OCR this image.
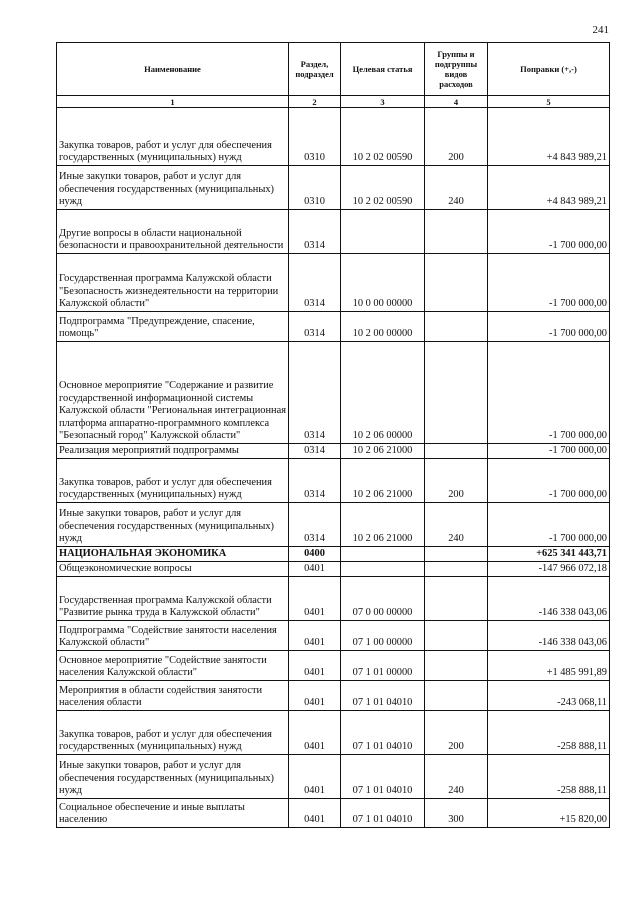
241
Наименование	Раздел, подраздел	Целевая статья	Группы и подгруппы видов расходов	Поправки (+,-)
1	2	3	4	5
Закупка товаров, работ и услуг для обеспечения государственных (муниципальных) нужд	0310	10 2 02 00590	200	+4 843 989,21
Иные закупки товаров, работ и услуг для обеспечения государственных (муниципальных) нужд	0310	10 2 02 00590	240	+4 843 989,21
Другие вопросы в области национальной безопасности и правоохранительной деятельности	0314			-1 700 000,00
Государственная программа Калужской области "Безопасность жизнедеятельности на территории Калужской области"	0314	10 0 00 00000		-1 700 000,00
Подпрограмма "Предупреждение, спасение, помощь"	0314	10 2 00 00000		-1 700 000,00
Основное мероприятие "Содержание и развитие государственной информационной системы Калужской области "Региональная интеграционная платформа аппаратно-программного комплекса "Безопасный город" Калужской области"	0314	10 2 06 00000		-1 700 000,00
Реализация мероприятий подпрограммы	0314	10 2 06 21000		-1 700 000,00
Закупка товаров, работ и услуг для обеспечения государственных (муниципальных) нужд	0314	10 2 06 21000	200	-1 700 000,00
Иные закупки товаров, работ и услуг для обеспечения государственных (муниципальных) нужд	0314	10 2 06 21000	240	-1 700 000,00
НАЦИОНАЛЬНАЯ ЭКОНОМИКА	0400			+625 341 443,71
Общеэкономические вопросы	0401			-147 966 072,18
Государственная программа Калужской области "Развитие рынка труда в Калужской области"	0401	07 0 00 00000		-146 338 043,06
Подпрограмма "Содействие занятости населения Калужской области"	0401	07 1 00 00000		-146 338 043,06
Основное мероприятие "Содействие занятости населения Калужской области"	0401	07 1 01 00000		+1 485 991,89
Мероприятия в области содействия занятости населения области	0401	07 1 01 04010		-243 068,11
Закупка товаров, работ и услуг для обеспечения государственных (муниципальных) нужд	0401	07 1 01 04010	200	-258 888,11
Иные закупки товаров, работ и услуг для обеспечения государственных (муниципальных) нужд	0401	07 1 01 04010	240	-258 888,11
Социальное обеспечение и иные выплаты населению	0401	07 1 01 04010	300	+15 820,00
